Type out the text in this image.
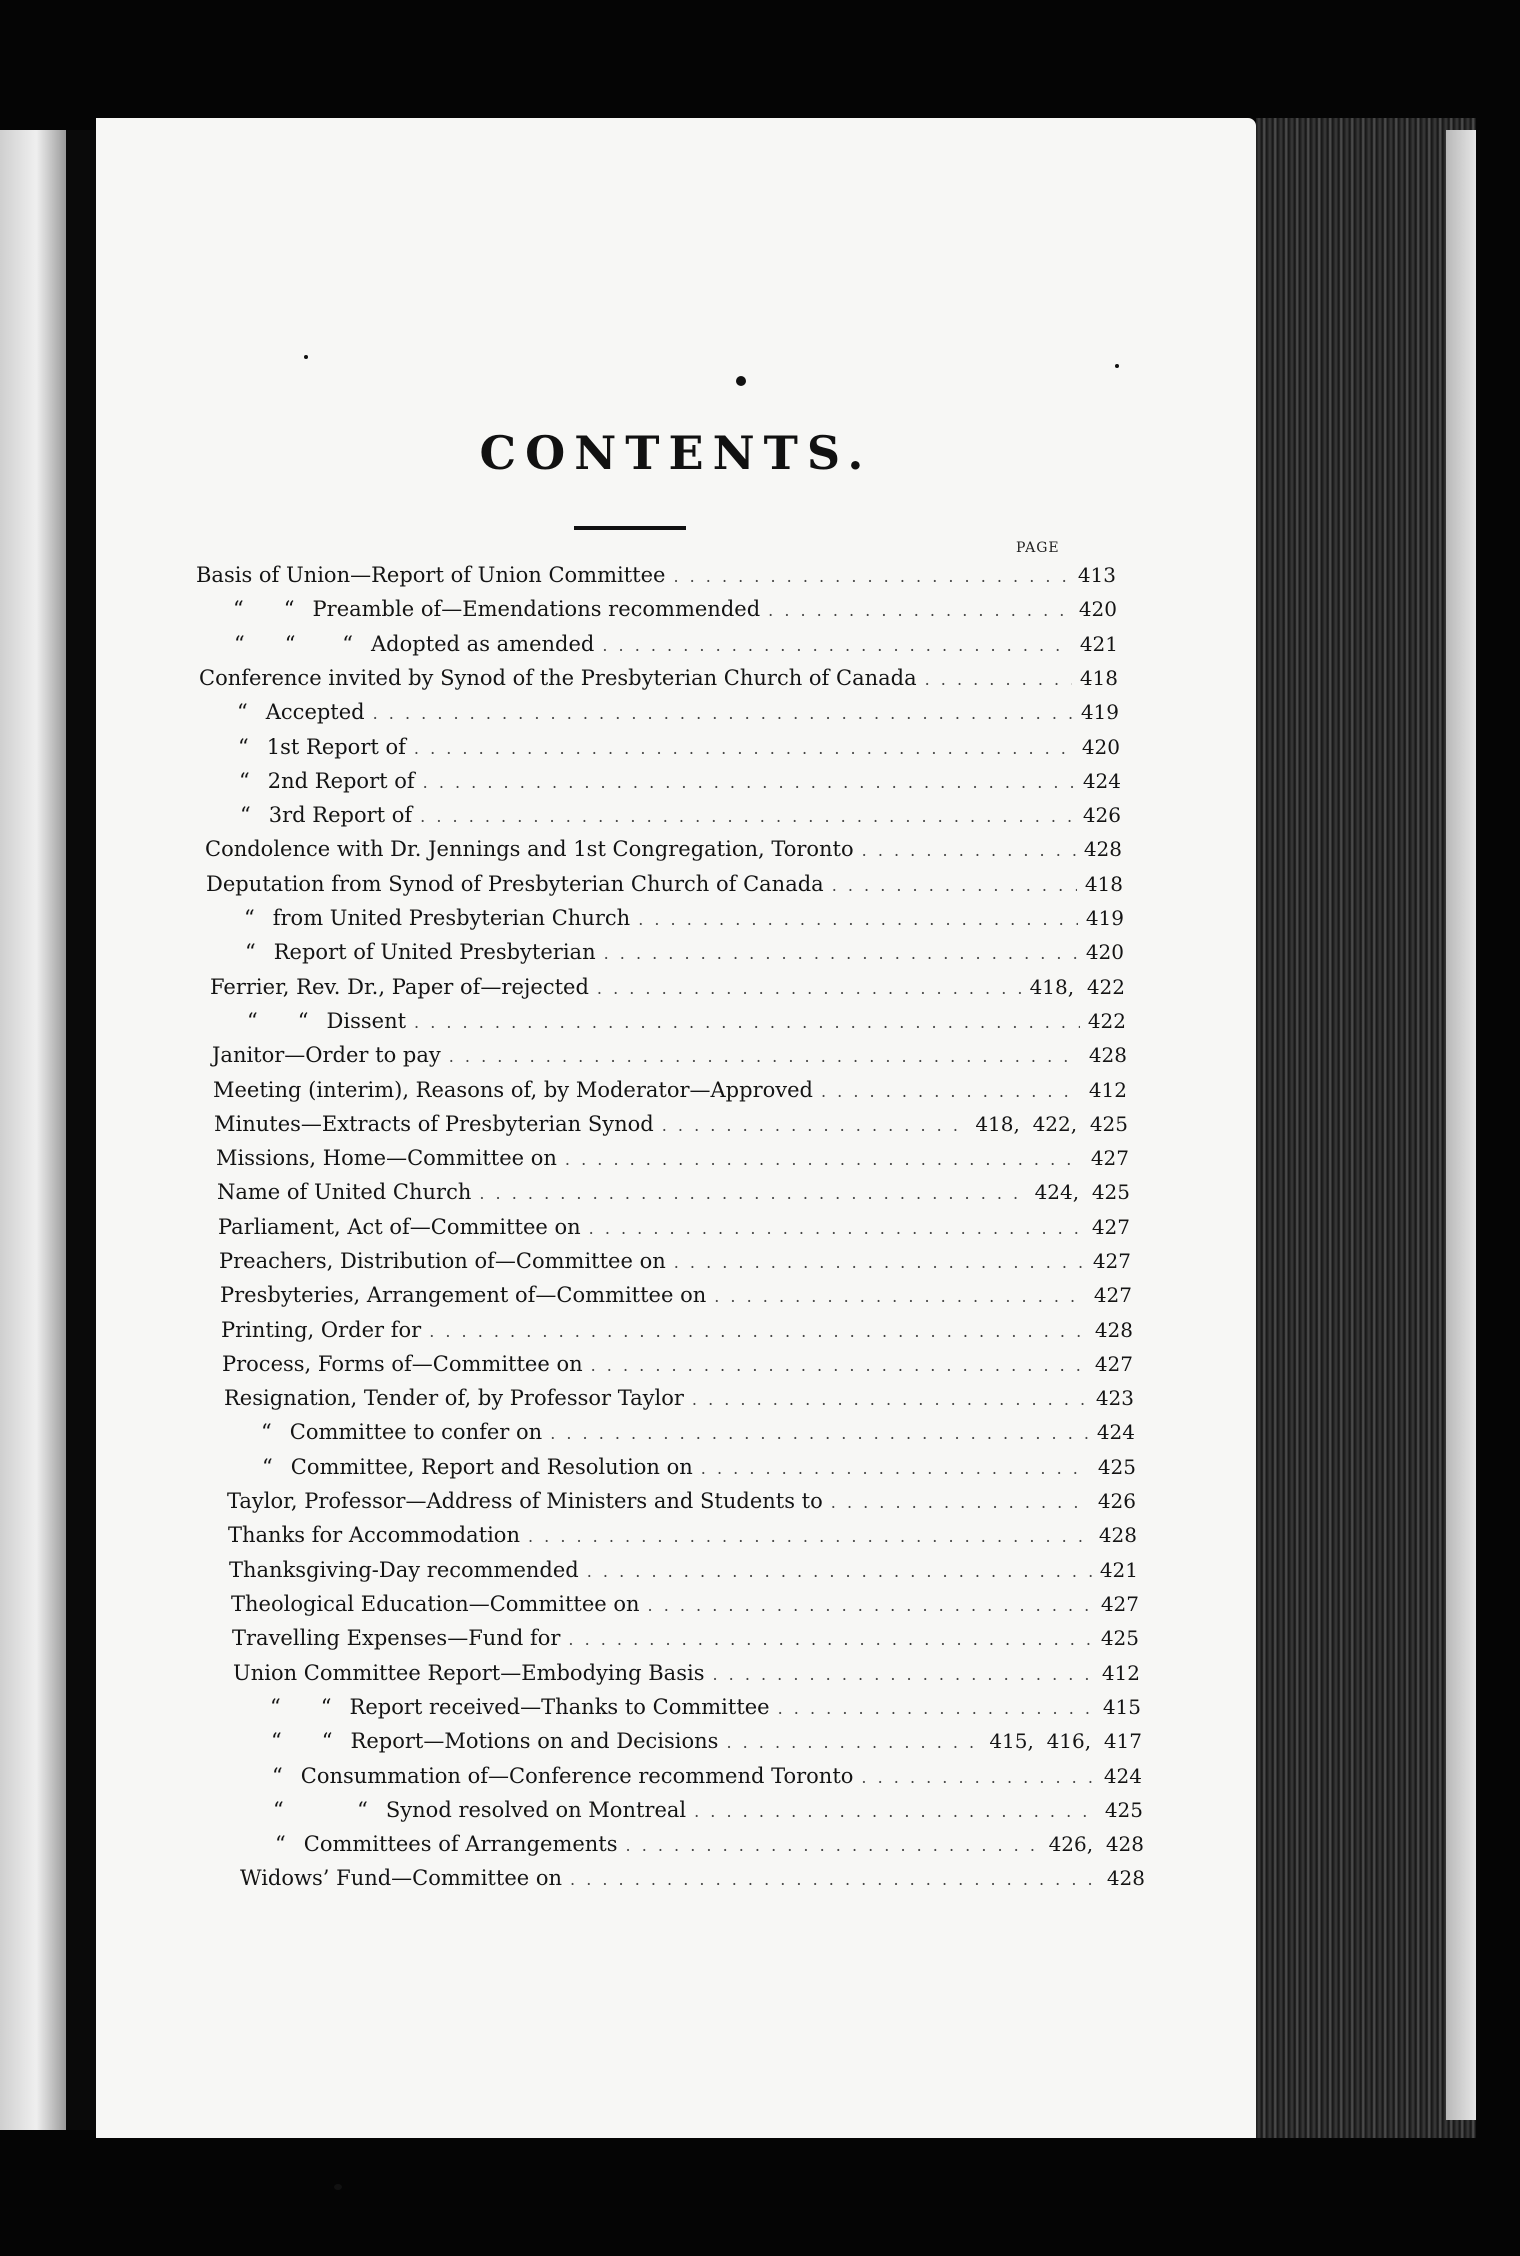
CONTENTS.
PAGE
Basis of Union—Report of Union Committee . . .	413
“      “ Preamble of—Emendations recommended . . .	420
“      “       “ Adopted as amended . . .	421
Conference invited by Synod of the Presbyterian Church of Canada . . .	418
“ Accepted . . .	419
“ 1st Report of . . .	420
“ 2nd Report of . . .	424
“ 3rd Report of . . .	426
Condolence with Dr. Jennings and 1st Congregation, Toronto . . .	428
Deputation from Synod of Presbyterian Church of Canada . . .	418
“ from United Presbyterian Church . . .	419
“ Report of United Presbyterian . . .	420
Ferrier, Rev. Dr., Paper of—rejected . . .	418,  422
“      “ Dissent . . .	422
Janitor—Order to pay . . .	428
Meeting (interim), Reasons of, by Moderator—Approved . . .	412
Minutes—Extracts of Presbyterian Synod . . .	418,  422,  425
Missions, Home—Committee on . . .	427
Name of United Church . . .	424,  425
Parliament, Act of—Committee on . . .	427
Preachers, Distribution of—Committee on . . .	427
Presbyteries, Arrangement of—Committee on . . .	427
Printing, Order for . . .	428
Process, Forms of—Committee on . . .	427
Resignation, Tender of, by Professor Taylor . . .	423
“ Committee to confer on . . .	424
“ Committee, Report and Resolution on . . .	425
Taylor, Professor—Address of Ministers and Students to . . .	426
Thanks for Accommodation . . .	428
Thanksgiving-Day recommended . . .	421
Theological Education—Committee on . . .	427
Travelling Expenses—Fund for . . .	425
Union Committee Report—Embodying Basis . . .	412
“      “ Report received—Thanks to Committee . . .	415
“      “ Report—Motions on and Decisions . . .	415,  416,  417
“ Consummation of—Conference recommend Toronto . . .	424
“           “ Synod resolved on Montreal . . .	425
“ Committees of Arrangements . . .	426,  428
Widows’ Fund—Committee on . . .	428
